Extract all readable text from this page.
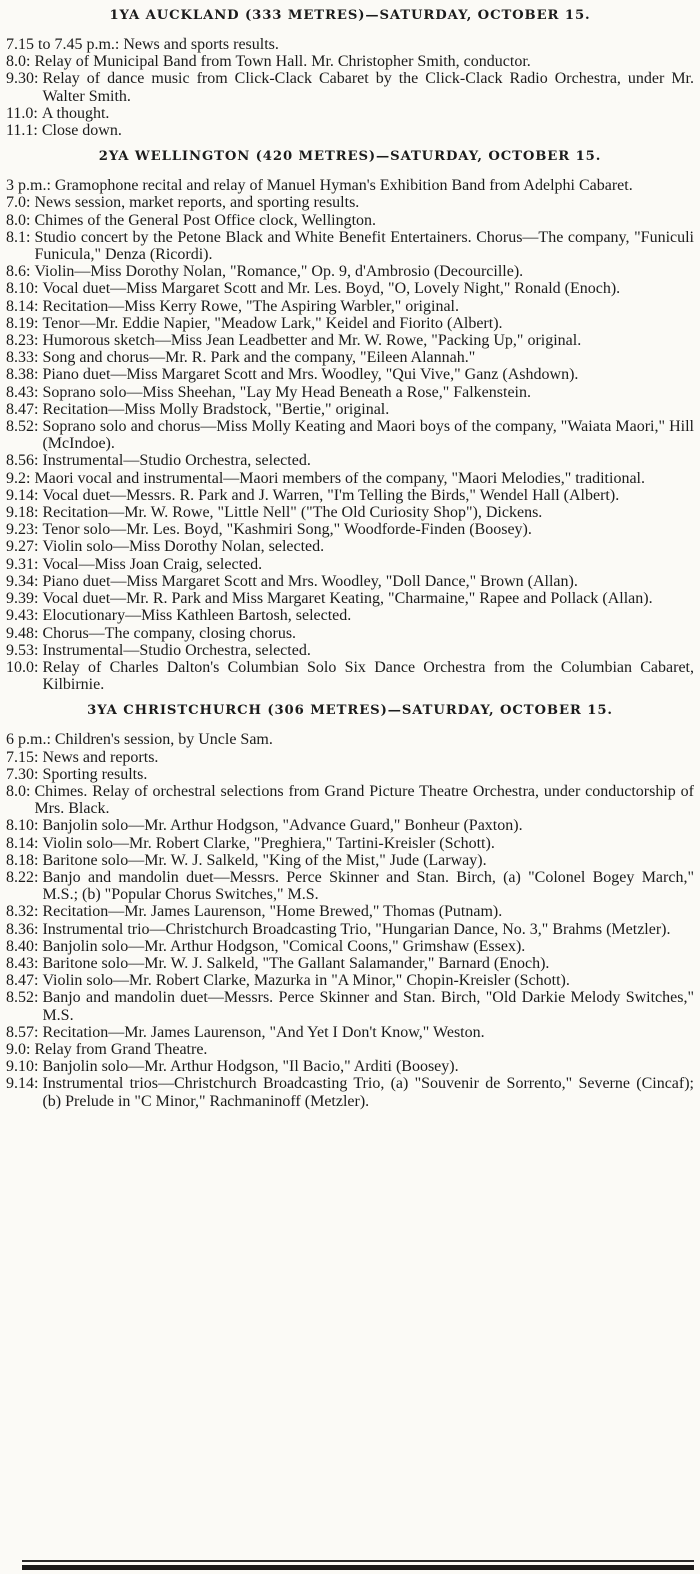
1YA AUCKLAND (333 METRES)—SATURDAY, OCTOBER 15.
7.15 to 7.45 p.m.: News and sports results.
8.0: Relay of Municipal Band from Town Hall. Mr. Christopher Smith, conductor.
9.30: Relay of dance music from Click-Clack Cabaret by the Click-Clack Radio Orchestra, under Mr. Walter Smith.
11.0: A thought.
11.1: Close down.
2YA WELLINGTON (420 METRES)—SATURDAY, OCTOBER 15.
3 p.m.: Gramophone recital and relay of Manuel Hyman's Exhibition Band from Adelphi Cabaret.
7.0: News session, market reports, and sporting results.
8.0: Chimes of the General Post Office clock, Wellington.
8.1: Studio concert by the Petone Black and White Benefit Entertainers. Chorus—The company, "Funiculi Funicula," Denza (Ricordi).
8.6: Violin—Miss Dorothy Nolan, "Romance," Op. 9, d'Ambrosio (Decourcille).
8.10: Vocal duet—Miss Margaret Scott and Mr. Les. Boyd, "O, Lovely Night," Ronald (Enoch).
8.14: Recitation—Miss Kerry Rowe, "The Aspiring Warbler," original.
8.19: Tenor—Mr. Eddie Napier, "Meadow Lark," Keidel and Fiorito (Albert).
8.23: Humorous sketch—Miss Jean Leadbetter and Mr. W. Rowe, "Packing Up," original.
8.33: Song and chorus—Mr. R. Park and the company, "Eileen Alannah."
8.38: Piano duet—Miss Margaret Scott and Mrs. Woodley, "Qui Vive," Ganz (Ashdown).
8.43: Soprano solo—Miss Sheehan, "Lay My Head Beneath a Rose," Falkenstein.
8.47: Recitation—Miss Molly Bradstock, "Bertie," original.
8.52: Soprano solo and chorus—Miss Molly Keating and Maori boys of the company, "Waiata Maori," Hill (McIndoe).
8.56: Instrumental—Studio Orchestra, selected.
9.2: Maori vocal and instrumental—Maori members of the company, "Maori Melodies," traditional.
9.14: Vocal duet—Messrs. R. Park and J. Warren, "I'm Telling the Birds," Wendel Hall (Albert).
9.18: Recitation—Mr. W. Rowe, "Little Nell" ("The Old Curiosity Shop"), Dickens.
9.23: Tenor solo—Mr. Les. Boyd, "Kashmiri Song," Woodforde-Finden (Boosey).
9.27: Violin solo—Miss Dorothy Nolan, selected.
9.31: Vocal—Miss Joan Craig, selected.
9.34: Piano duet—Miss Margaret Scott and Mrs. Woodley, "Doll Dance," Brown (Allan).
9.39: Vocal duet—Mr. R. Park and Miss Margaret Keating, "Charmaine," Rapee and Pollack (Allan).
9.43: Elocutionary—Miss Kathleen Bartosh, selected.
9.48: Chorus—The company, closing chorus.
9.53: Instrumental—Studio Orchestra, selected.
10.0: Relay of Charles Dalton's Columbian Solo Six Dance Orchestra from the Columbian Cabaret, Kilbirnie.
3YA CHRISTCHURCH (306 METRES)—SATURDAY, OCTOBER 15.
6 p.m.: Children's session, by Uncle Sam.
7.15: News and reports.
7.30: Sporting results.
8.0: Chimes. Relay of orchestral selections from Grand Picture Theatre Orchestra, under conductorship of Mrs. Black.
8.10: Banjolin solo—Mr. Arthur Hodgson, "Advance Guard," Bonheur (Paxton).
8.14: Violin solo—Mr. Robert Clarke, "Preghiera," Tartini-Kreisler (Schott).
8.18: Baritone solo—Mr. W. J. Salkeld, "King of the Mist," Jude (Larway).
8.22: Banjo and mandolin duet—Messrs. Perce Skinner and Stan. Birch, (a) "Colonel Bogey March," M.S.; (b) "Popular Chorus Switches," M.S.
8.32: Recitation—Mr. James Laurenson, "Home Brewed," Thomas (Putnam).
8.36: Instrumental trio—Christchurch Broadcasting Trio, "Hungarian Dance, No. 3," Brahms (Metzler).
8.40: Banjolin solo—Mr. Arthur Hodgson, "Comical Coons," Grimshaw (Essex).
8.43: Baritone solo—Mr. W. J. Salkeld, "The Gallant Salamander," Barnard (Enoch).
8.47: Violin solo—Mr. Robert Clarke, Mazurka in "A Minor," Chopin-Kreisler (Schott).
8.52: Banjo and mandolin duet—Messrs. Perce Skinner and Stan. Birch, "Old Darkie Melody Switches," M.S.
8.57: Recitation—Mr. James Laurenson, "And Yet I Don't Know," Weston.
9.0: Relay from Grand Theatre.
9.10: Banjolin solo—Mr. Arthur Hodgson, "Il Bacio," Arditi (Boosey).
9.14: Instrumental trios—Christchurch Broadcasting Trio, (a) "Souvenir de Sorrento," Severne (Cincaf); (b) Prelude in "C Minor," Rachmaninoff (Metzler).
